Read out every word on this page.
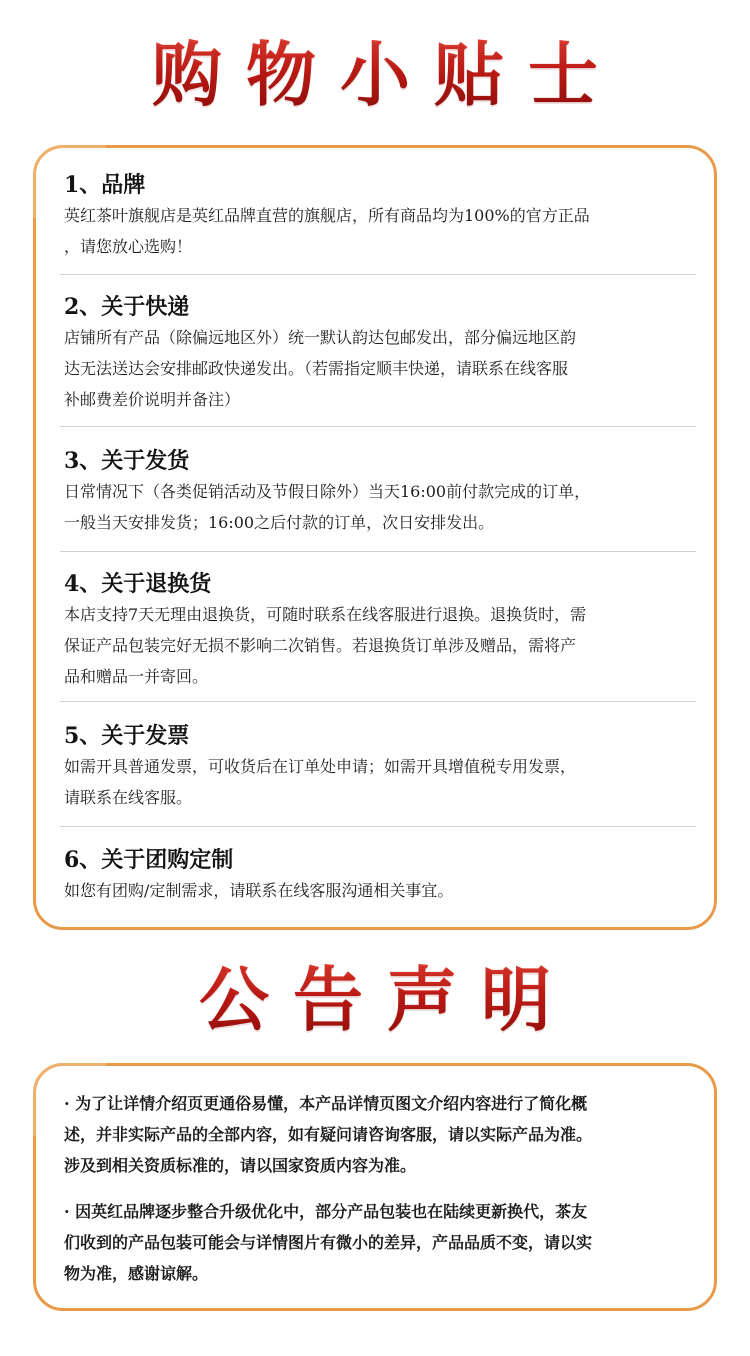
购物小贴士
1、品牌
英红茶叶旗舰店是英红品牌直营的旗舰店，所有商品均为100%的官方正品
，请您放心选购！
2、关于快递
店铺所有产品（除偏远地区外）统一默认韵达包邮发出，部分偏远地区韵
达无法送达会安排邮政快递发出。（若需指定顺丰快递，请联系在线客服
补邮费差价说明并备注）
3、关于发货
日常情况下（各类促销活动及节假日除外）当天16:00前付款完成的订单，
一般当天安排发货；16:00之后付款的订单，次日安排发出。
4、关于退换货
本店支持7天无理由退换货，可随时联系在线客服进行退换。退换货时，需
保证产品包装完好无损不影响二次销售。若退换货订单涉及赠品，需将产
品和赠品一并寄回。
5、关于发票
如需开具普通发票，可收货后在订单处申请；如需开具增值税专用发票，
请联系在线客服。
6、关于团购定制
如您有团购/定制需求，请联系在线客服沟通相关事宜。
公告声明
· 为了让详情介绍页更通俗易懂，本产品详情页图文介绍内容进行了简化概
述，并非实际产品的全部内容，如有疑问请咨询客服，请以实际产品为准。
涉及到相关资质标准的，请以国家资质内容为准。
· 因英红品牌逐步整合升级优化中，部分产品包装也在陆续更新换代，茶友
们收到的产品包装可能会与详情图片有微小的差异，产品品质不变，请以实
物为准，感谢谅解。
